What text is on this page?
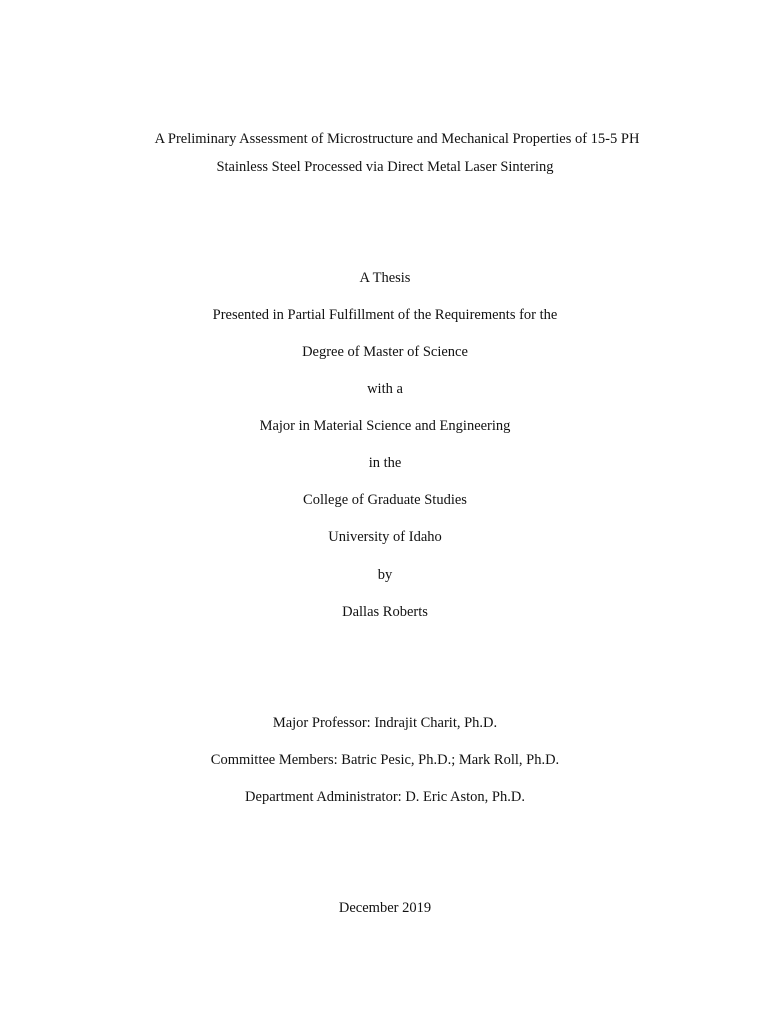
A Preliminary Assessment of Microstructure and Mechanical Properties of 15-5 PH
Stainless Steel Processed via Direct Metal Laser Sintering
A Thesis
Presented in Partial Fulfillment of the Requirements for the
Degree of Master of Science
with a
Major in Material Science and Engineering
in the
College of Graduate Studies
University of Idaho
by
Dallas Roberts
Major Professor: Indrajit Charit, Ph.D.
Committee Members: Batric Pesic, Ph.D.; Mark Roll, Ph.D.
Department Administrator: D. Eric Aston, Ph.D.
December 2019
